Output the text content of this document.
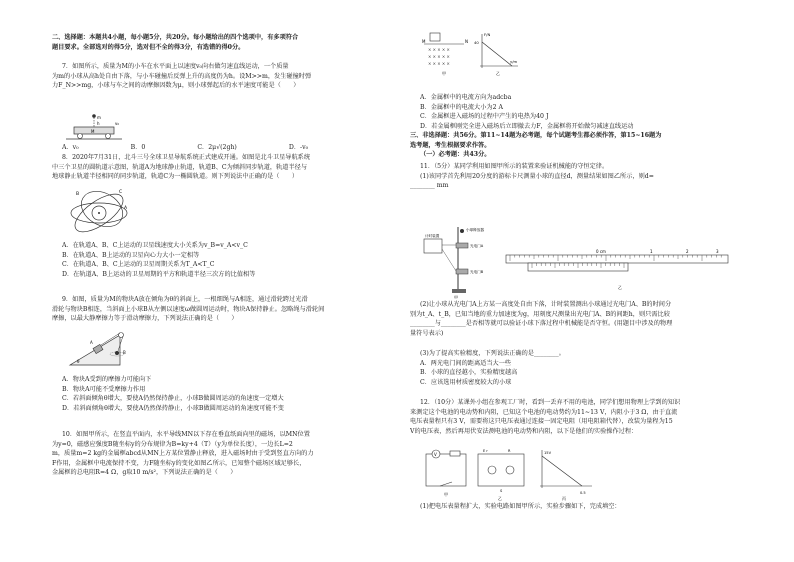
二、选择题：本题共4小题，每小题5分，共20分。每小题给出的四个选项中，有多项符合
题目要求。全部选对的得5分，选对但不全的得3分，有选错的得0分。
7．如图所示，质量为M的小车在水平面上以速度v₀向右做匀速直线运动，一个质量
为m的小球从高h处自由下落，与小车碰撞后反弹上升的高度仍为h。设M>>m，发生碰撞时弹
力F_N>>mg，小球与车之间的动摩擦因数为μ，则小球弹起后的水平速度可能是（　　）
A．v₀	B．0	C．2μ√(2gh)	D．-v₀
8．2020年7月31日，北斗三号全球卫星导航系统正式建成开通。如图是北斗卫星导航系统
中三个卫星的圆轨道示意图，轨道A为地球静止轨道，轨道B、C为倾斜同步轨道，轨道半径与
地球静止轨道半径相同的同步轨道，轨道C为一椭圆轨道。则下列说法中正确的是（　　）
A．在轨道A、B、C上运动的卫星线速度大小关系为v_B=v_A<v_C
B．在轨道A、B上运动的卫星向心力大小一定相等
C．在轨道A、B、C上运动的卫星周期关系为T_A<T_C
D．在轨道A、B上运动的卫星周期的平方和轨道半径三次方的比值相等
9．如图，质量为M的物块A放在倾角为θ的斜面上，一根细绳与A相连，通过滑轮跨过光滑
滑轮与物块B相连，当斜面上小球B从左侧以速度ω做圆周运动时，物块A保持静止。忽略绳与滑轮间
摩擦，以最大静摩擦力等于滑动摩擦力，下列说法正确的是（　　）
A．物块A受到的摩擦力可能向下
B．物块A可能不受摩擦力作用
C．若斜面倾角θ增大，要使A仍然保持静止，小球B做圆周运动的角速度一定增大
D．若斜面倾角θ增大，要使A仍然保持静止，小球B做圆周运动的角速度可能不变
10．如图甲所示，在竖直平面内，水平导线MN以下存在垂直纸面向里的磁场，以MN位置
为y=0，磁感应强度B随坐标y的分布规律为B=ky+4（T）（y为单位长度），一边长L=2
m，质量m=2 kg的金属框abcd从MN上方某位置静止释放，进入磁场时由于受到竖直方向的力
F作用，金属框中电流保持不变，力F随坐标y的变化如图乙所示，已知整个磁场区域足够长，
金属框的总电阻R=4 Ω，g取10 m/s²，下列说法正确的是（　　）
m
h	v₀
M
A
B	C
A
B
θ
M	N
× × × × ×
× × × × ×
× × × × ×
甲
F/N
y/m
40
乙
A．金属框中的电流方向为adcba
B．金属框中的电流大小为2 A
C．金属框进入磁场的过程中产生的电热为40 J
D．若金属框刚完全进入磁场后立即撤去力F，金属框将开始做匀减速直线运动
三、非选择题：共56分。第11~14题为必考题，每个试题考生都必须作答，第15~16题为
选考题，考生根据要求作答。
（一）必考题：共43分。
11．（5分）某同学利用如图甲所示的装置来验证机械能的守恒定律。
(1)该同学首先利用20分度的游标卡尺测量小球的直径d，测量结果如图乙所示，则d=
________ mm
(2)让小球从光电门A上方某一高度处自由下落，计时装置测出小球通过光电门A、B的时间分
别为t_A、t_B，已知当地的重力加速度为g，用刻度尺测量出光电门A、B的间距h，则只需比较
________与________是否相等就可以验证小球下落过程中机械能是否守恒。(用题目中涉及的物理
量符号表示)
(3)为了提高实验精度，下列说法正确的是________。
A．两光电门间的距离适当大一些
B．小球的直径越小，实验精度越高
C．应该选用材质密度较大的小球
12．（10分）某课外小组在参观工厂时，看到一丢弃不用的电池，同学们想用物理上学到的知识
来测定这个电池的电动势和内阻，已知这个电池的电动势约为11~13 V，内阻小于3 Ω，由于直流
电压表量程只有3 V，需要将这只电压表通过连接一固定电阻（用电阻箱代替），改装为量程为15
V的电压表，然后再用伏安法测电池的电动势和内阻，以下是他们的实验操作过程：
(1)把电压表量程扩大，实验电路如图甲所示，实验步骤如下，完成填空：
小球释放器
计时装置
光电门A
光电门B
甲
0 cm	1	2	3
乙
V
甲
E r	R
S
乙
15V
0.5
丙
